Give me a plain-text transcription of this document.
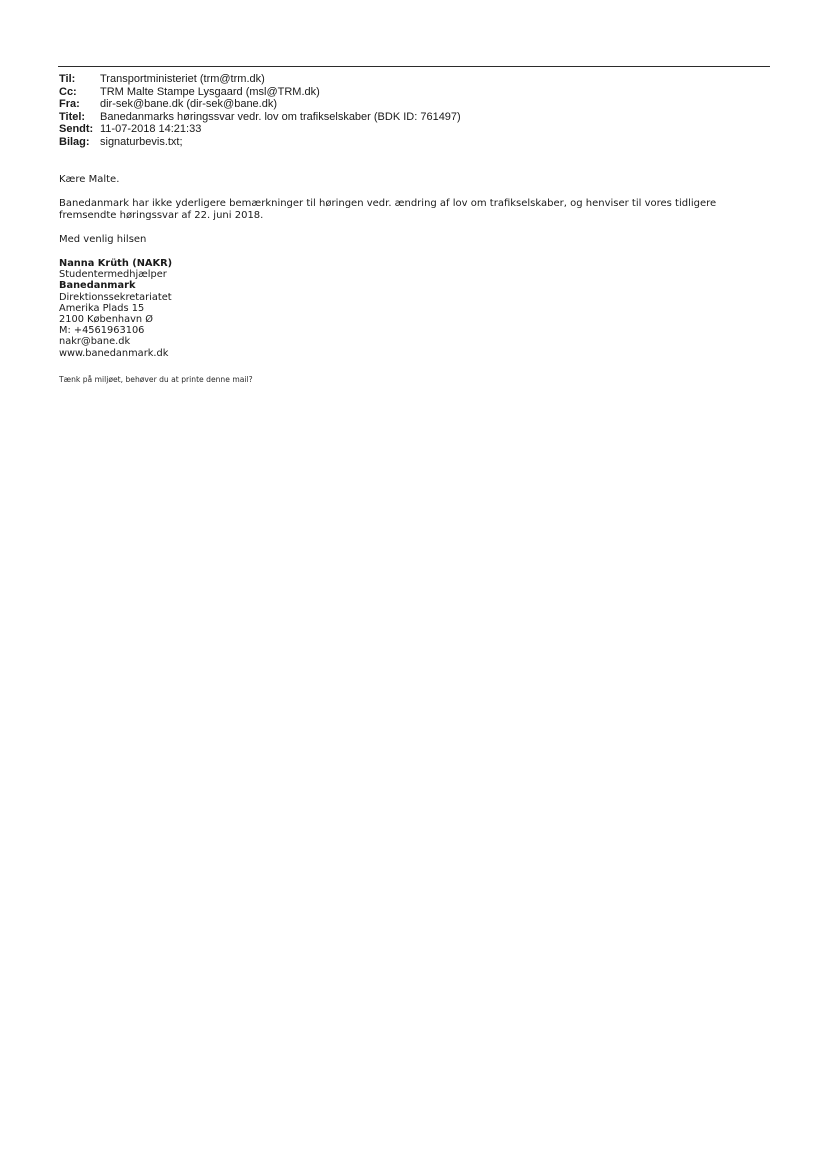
Til:	Transportministeriet (trm@trm.dk)
Cc:	TRM Malte Stampe Lysgaard (msl@TRM.dk)
Fra:	dir-sek@bane.dk (dir-sek@bane.dk)
Titel:	Banedanmarks høringssvar vedr. lov om trafikselskaber (BDK ID: 761497)
Sendt: 11-07-2018 14:21:33
Bilag: signaturbevis.txt;

Kære Malte.

Banedanmark har ikke yderligere bemærkninger til høringen vedr. ændring af lov om trafikselskaber, og henviser til vores tidligere fremsendte høringssvar af 22. juni 2018.

Med venlig hilsen

Nanna Krüth (NAKR)
Studentermedhjælper
Banedanmark
Direktionssekretariatet
Amerika Plads 15
2100 København Ø
M: +4561963106
nakr@bane.dk
www.banedanmark.dk
Tænk på miljøet, behøver du at printe denne mail?
